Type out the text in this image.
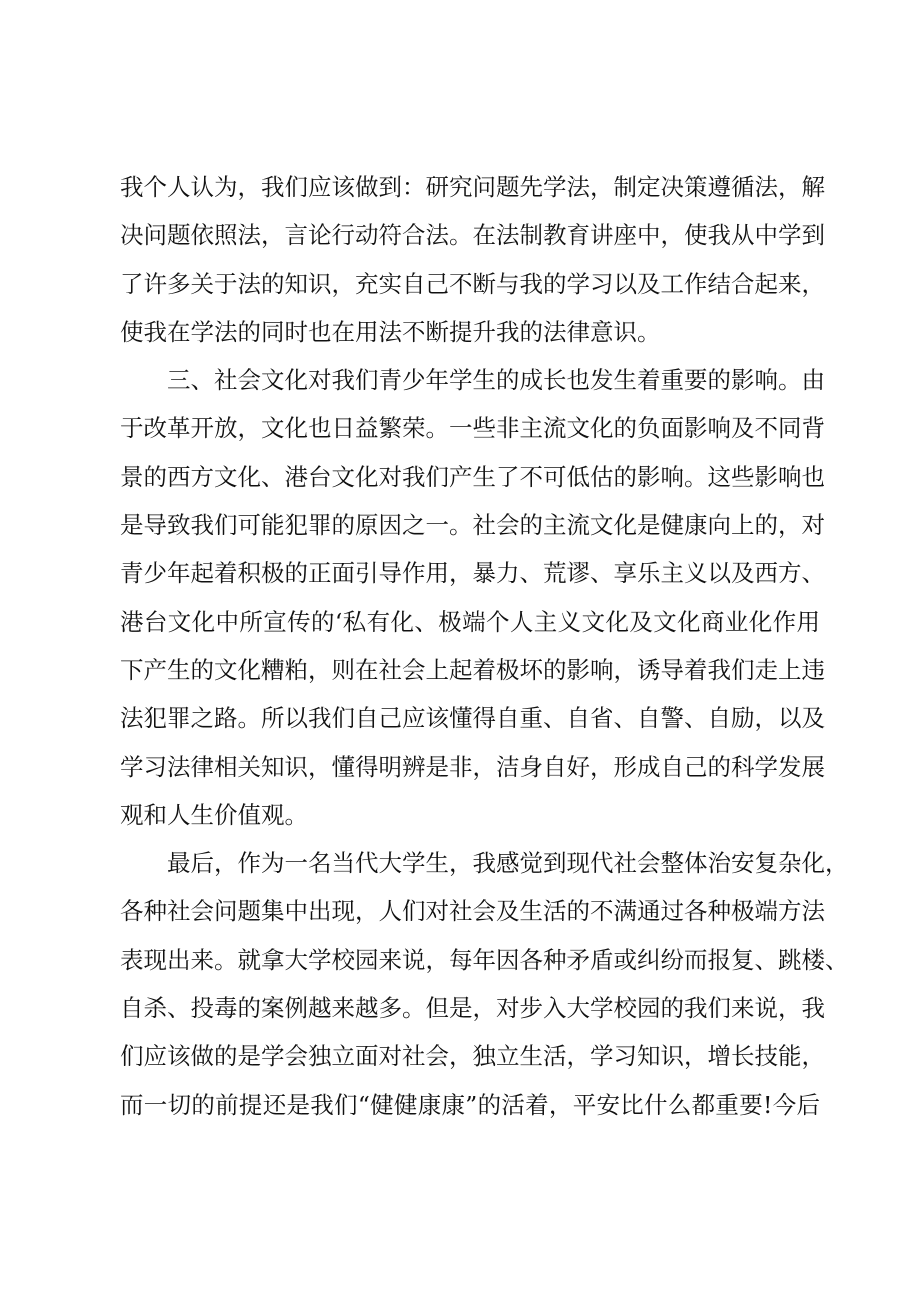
我个人认为，我们应该做到：研究问题先学法，制定决策遵循法，解
决问题依照法，言论行动符合法。在法制教育讲座中，使我从中学到
了许多关于法的知识，充实自己不断与我的学习以及工作结合起来，
使我在学法的同时也在用法不断提升我的法律意识。
三、社会文化对我们青少年学生的成长也发生着重要的影响。由
于改革开放，文化也日益繁荣。一些非主流文化的负面影响及不同背
景的西方文化、港台文化对我们产生了不可低估的影响。这些影响也
是导致我们可能犯罪的原因之一。社会的主流文化是健康向上的，对
青少年起着积极的正面引导作用，暴力、荒谬、享乐主义以及西方、
港台文化中所宣传的‘私有化、极端个人主义文化及文化商业化作用
下产生的文化糟粕，则在社会上起着极坏的影响，诱导着我们走上违
法犯罪之路。所以我们自己应该懂得自重、自省、自警、自励，以及
学习法律相关知识，懂得明辨是非，洁身自好，形成自己的科学发展
观和人生价值观。
最后，作为一名当代大学生，我感觉到现代社会整体治安复杂化，
各种社会问题集中出现，人们对社会及生活的不满通过各种极端方法
表现出来。就拿大学校园来说，每年因各种矛盾或纠纷而报复、跳楼、
自杀、投毒的案例越来越多。但是，对步入大学校园的我们来说，我
们应该做的是学会独立面对社会，独立生活，学习知识，增长技能，
而一切的前提还是我们“健健康康”的活着，平安比什么都重要!今后
